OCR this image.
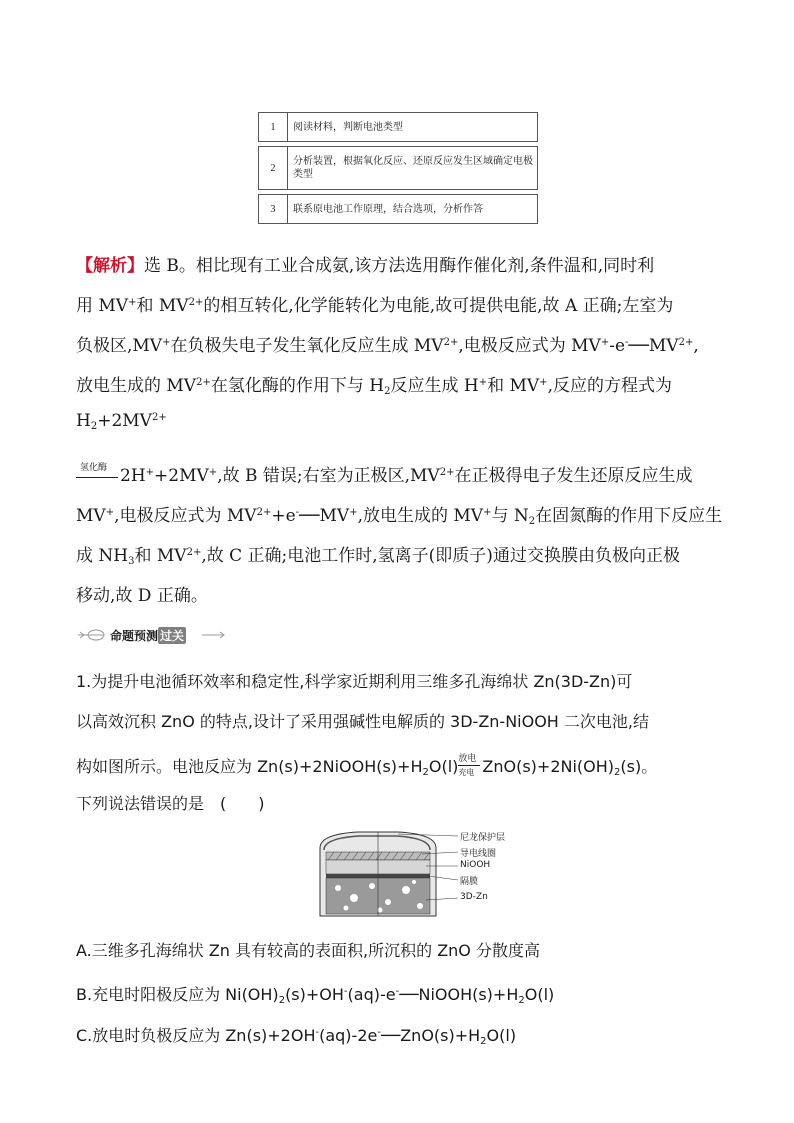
1	阅读材料，判断电池类型
2
分析装置，根据氧化反应、还原反应发生区域确定电极类型
3	联系原电池工作原理，结合选项，分析作答
【解析】选 B。相比现有工业合成氨,该方法选用酶作催化剂,条件温和,同时利
用 MV+和 $MV^{2+}$的相互转化,化学能转化为电能,故可提供电能,故 A 正确;左室为
负极区,MV+在负极失电子发生氧化反应生成 $MV^{2+}$,电极反应式为 $MV^+-e^-──MV^{2+}$,
放电生成的 $MV^{2+}$在氢化酶的作用下与 $H_2$反应生成 H+和 MV+,反应的方程式为
$H_2+2MV^{2+}$
氢化酶 2H++2MV+,故 B 错误;右室为正极区$,MV^{2+}$在正极得电子发生还原反应生成
MV+,电极反应式为 $MV^{2+}+e^-──MV^+$,放电生成的 MV+与 $N_2$在固氮酶的作用下反应生
成 $NH_3$和 $MV^{2+}$,故 C 正确;电池工作时,氢离子(即质子)通过交换膜由负极向正极
移动,故 D 正确。
命题预测 过关
1.为提升电池循环效率和稳定性,科学家近期利用三维多孔海绵状 Zn(3D-Zn)可
以高效沉积 ZnO 的特点,设计了采用强碱性电解质的 3D-Zn-NiOOH 二次电池,结
构如图所示。电池反应为 $Zn(s)+2NiOOH(s)+H_2O(l)$ 放电
充电 $ZnO(s)+2Ni(OH)_2(s)$。
下列说法错误的是　(　　)
尼龙保护层
导电线圈
NiOOH
隔膜
3D-Zn
A.三维多孔海绵状 Zn 具有较高的表面积,所沉积的 ZnO 分散度高
B.充电时阳极反应为 $Ni(OH)_2(s)+OH^-(aq)-e^-──NiOOH(s)+H_2O(l)$
C.放电时负极反应为 $Zn(s)+2OH^-(aq)-2e^-──ZnO(s)+H_2O(l)$
